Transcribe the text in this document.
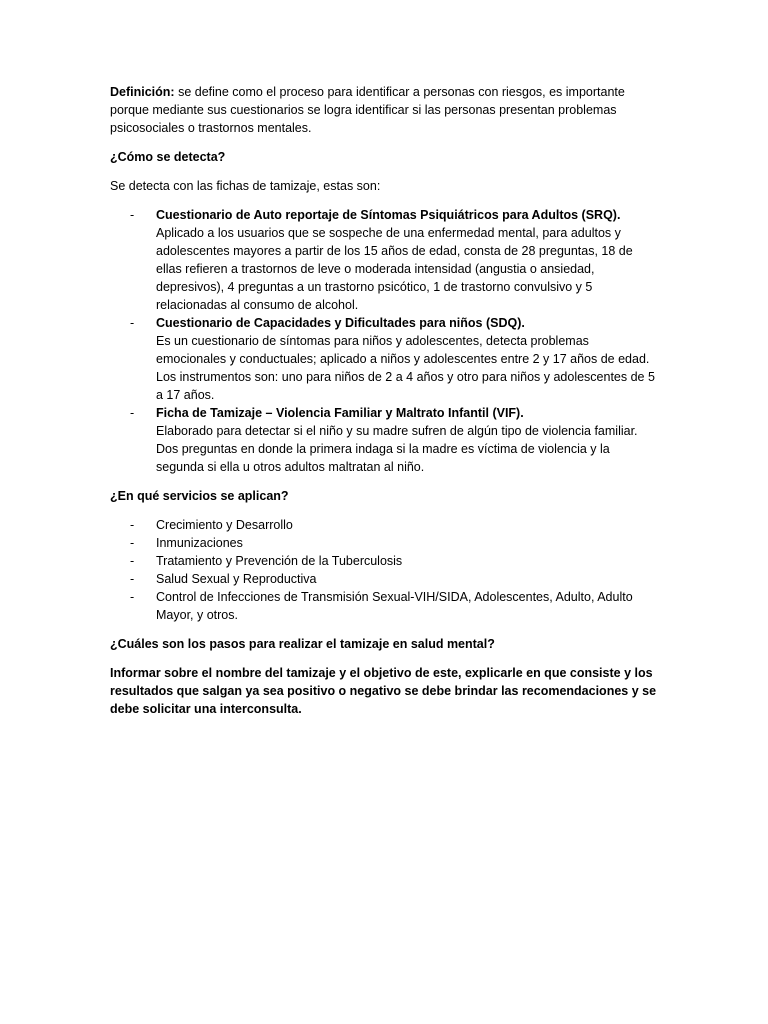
Definición: se define como el proceso para identificar a personas con riesgos, es importante porque mediante sus cuestionarios se logra identificar si las personas presentan problemas psicosociales o trastornos mentales.

¿Cómo se detecta?

Se detecta con las fichas de tamizaje, estas son:

- Cuestionario de Auto reportaje de Síntomas Psiquiátricos para Adultos (SRQ).
Aplicado a los usuarios que se sospeche de una enfermedad mental, para adultos y adolescentes mayores a partir de los 15 años de edad, consta de 28 preguntas, 18 de ellas refieren a trastornos de leve o moderada intensidad (angustia o ansiedad, depresivos), 4 preguntas a un trastorno psicótico, 1 de trastorno convulsivo y 5 relacionadas al consumo de alcohol.
- Cuestionario de Capacidades y Dificultades para niños (SDQ).
Es un cuestionario de síntomas para niños y adolescentes, detecta problemas emocionales y conductuales; aplicado a niños y adolescentes entre 2 y 17 años de edad. Los instrumentos son: uno para niños de 2 a 4 años y otro para niños y adolescentes de 5 a 17 años.
- Ficha de Tamizaje – Violencia Familiar y Maltrato Infantil (VIF).
Elaborado para detectar si el niño y su madre sufren de algún tipo de violencia familiar.
Dos preguntas en donde la primera indaga si la madre es víctima de violencia y la segunda si ella u otros adultos maltratan al niño.

¿En qué servicios se aplican?

- Crecimiento y Desarrollo
- Inmunizaciones
- Tratamiento y Prevención de la Tuberculosis
- Salud Sexual y Reproductiva
- Control de Infecciones de Transmisión Sexual-VIH/SIDA, Adolescentes, Adulto, Adulto Mayor, y otros.

¿Cuáles son los pasos para realizar el tamizaje en salud mental?

Informar sobre el nombre del tamizaje y el objetivo de este, explicarle en que consiste y los resultados que salgan ya sea positivo o negativo se debe brindar las recomendaciones y se debe solicitar una interconsulta.
